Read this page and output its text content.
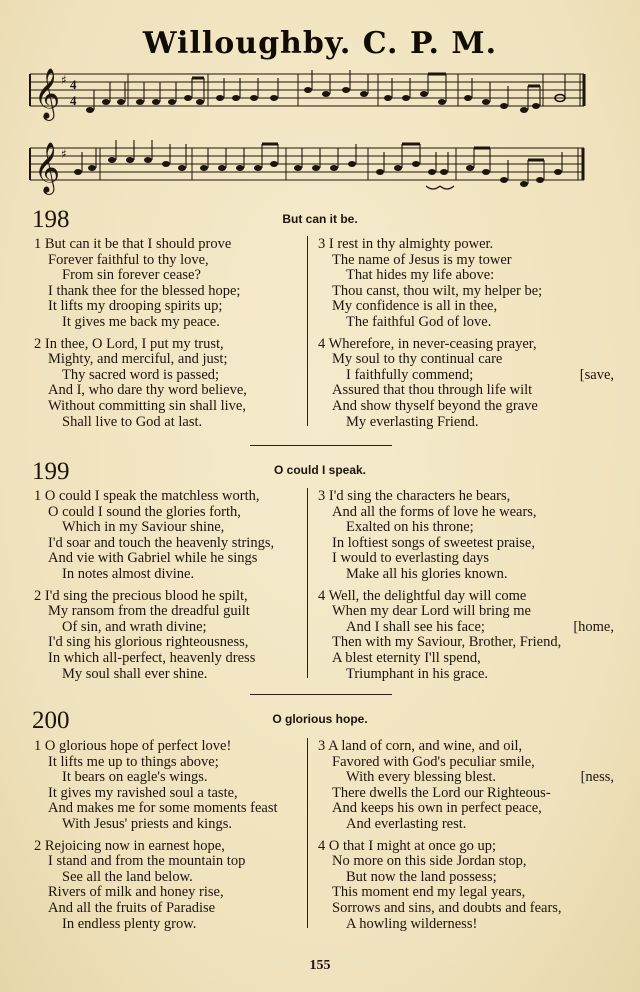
Willoughby. C. P. M.
𝄞 ♯ 4
4
𝄞 ♯
198	But can it be.
1 But can it be that I should prove
Forever faithful to thy love,
From sin forever cease?
I thank thee for the blessed hope;
It lifts my drooping spirits up;
It gives me back my peace.
2 In thee, O Lord, I put my trust,
Mighty, and merciful, and just;
Thy sacred word is passed;
And I, who dare thy word believe,
Without committing sin shall live,
Shall live to God at last.
3 I rest in thy almighty power.
The name of Jesus is my tower
That hides my life above:
Thou canst, thou wilt, my helper be;
My confidence is all in thee,
The faithful God of love.
4 Wherefore, in never-ceasing prayer,
My soul to thy continual care
I faithfully commend;	[save,
Assured that thou through life wilt
And show thyself beyond the grave
My everlasting Friend.
199	O could I speak.
1 O could I speak the matchless worth,
O could I sound the glories forth,
Which in my Saviour shine,
I'd soar and touch the heavenly strings,
And vie with Gabriel while he sings
In notes almost divine.
2 I'd sing the precious blood he spilt,
My ransom from the dreadful guilt
Of sin, and wrath divine;
I'd sing his glorious righteousness,
In which all-perfect, heavenly dress
My soul shall ever shine.
3 I'd sing the characters he bears,
And all the forms of love he wears,
Exalted on his throne;
In loftiest songs of sweetest praise,
I would to everlasting days
Make all his glories known.
4 Well, the delightful day will come
When my dear Lord will bring me
And I shall see his face;	[home,
Then with my Saviour, Brother, Friend,
A blest eternity I'll spend,
Triumphant in his grace.
200	O glorious hope.
1 O glorious hope of perfect love!
It lifts me up to things above;
It bears on eagle's wings.
It gives my ravished soul a taste,
And makes me for some moments feast
With Jesus' priests and kings.
2 Rejoicing now in earnest hope,
I stand and from the mountain top
See all the land below.
Rivers of milk and honey rise,
And all the fruits of Paradise
In endless plenty grow.
3 A land of corn, and wine, and oil,
Favored with God's peculiar smile,
With every blessing blest.	[ness,
There dwells the Lord our Righteous-
And keeps his own in perfect peace,
And everlasting rest.
4 O that I might at once go up;
No more on this side Jordan stop,
But now the land possess;
This moment end my legal years,
Sorrows and sins, and doubts and fears,
A howling wilderness!
155
